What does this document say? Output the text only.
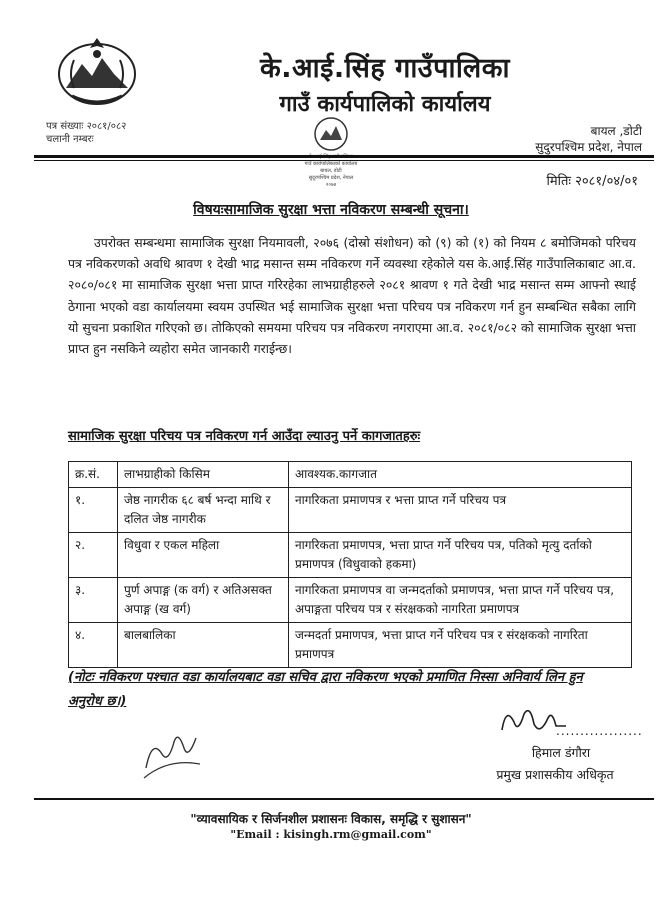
के.आई.सिंह गाउँपालिका
गाउँ कार्यपालिको कार्यालय
पत्र संख्याः २०८१/०८२
चलानी नम्बरः
के.आई.सिंह गाउँपालिका
गाउँ कार्यपालिकाको कार्यालय
बायल, डोटी
सुदूरपश्चिम प्रदेश, नेपाल
२०७४
बायल ,डोटी
सुदुरपश्चिम प्रदेश, नेपाल
मितिः २०८१/०४/०१
विषयःसामाजिक सुरक्षा भत्ता नविकरण सम्बन्धी सूचना।
उपरोक्त सम्बन्धमा सामाजिक सुरक्षा नियमावली, २०७६ (दोस्रो संशोधन) को (९) को (१) को नियम ८ बमोजिमको परिचय पत्र नविकरणको अवधि श्रावण १ देखी भाद्र मसान्त सम्म नविकरण गर्ने व्यवस्था रहेकोले यस के.आई.सिंह गाउँपालिकाबाट आ.व. २०८०/०८१ मा सामाजिक सुरक्षा भत्ता प्राप्त गरिरहेका लाभग्राहीहरुले २०८१ श्रावण १ गते देखी भाद्र मसान्त सम्म आफ्नो स्थाई ठेगाना भएको वडा कार्यालयमा स्वयम उपस्थित भई सामाजिक सुरक्षा भत्ता परिचय पत्र नविकरण गर्न हुन सम्बन्धित सबैका लागि यो सुचना प्रकाशित गरिएको छ। तोकिएको समयमा परिचय पत्र नविकरण नगराएमा आ.व. २०८१/०८२ को सामाजिक सुरक्षा भत्ता प्राप्त हुन नसकिने व्यहोरा समेत जानकारी गराईन्छ।
सामाजिक सुरक्षा परिचय पत्र नविकरण गर्न आउँदा ल्याउनु पर्ने कागजातहरुः
क्र.सं.	लाभग्राहीको किसिम	आवश्यक.कागजात
१.	जेष्ठ नागरीक ६८ बर्ष भन्दा माथि र दलित जेष्ठ नागरीक	नागरिकता प्रमाणपत्र र भत्ता प्राप्त गर्ने परिचय पत्र
२.	विधुवा र एकल महिला	नागरिकता प्रमाणपत्र, भत्ता प्राप्त गर्ने परिचय पत्र, पतिको मृत्यु दर्ताको प्रमाणपत्र (विधुवाको हकमा)
३.	पुर्ण अपाङ्ग (क वर्ग) र अतिअसक्त अपाङ्ग (ख वर्ग)	नागरिकता प्रमाणपत्र वा जन्मदर्ताको प्रमाणपत्र, भत्ता प्राप्त गर्ने परिचय पत्र, अपाङ्गता परिचय पत्र र संरक्षकको नागरिता प्रमाणपत्र
४.	बालबालिका	जन्मदर्ता प्रमाणपत्र, भत्ता प्राप्त गर्ने परिचय पत्र र संरक्षकको नागरिता प्रमाणपत्र
(नोटः नविकरण पश्चात वडा कार्यालयबाट वडा सचिव द्वारा नविकरण भएको प्रमाणित निस्सा अनिवार्य लिन हुन अनुरोध छ।)
..................
हिमाल डंगौरा
प्रमुख प्रशासकीय अधिकृत
"व्यावसायिक र सिर्जनशील प्रशासनः विकास, समृद्धि र सुशासन"
"Email : kisingh.rm@gmail.com"
